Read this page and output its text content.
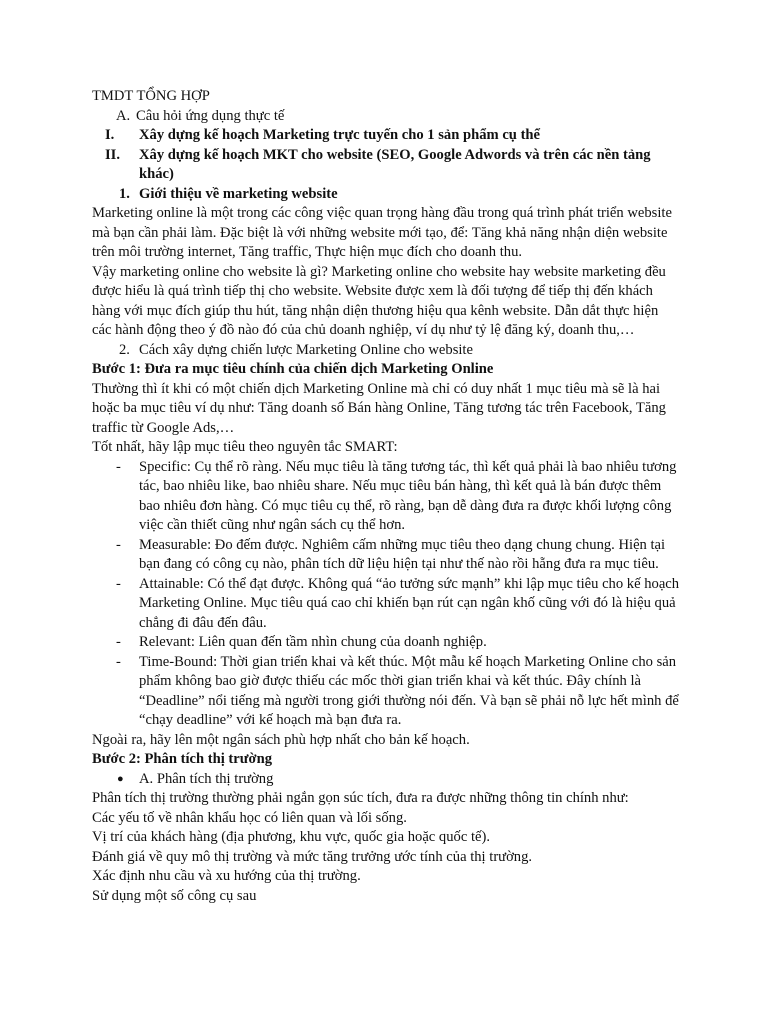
TMDT TỔNG HỢP

A. Câu hỏi ứng dụng thực tế
I. Xây dựng kế hoạch Marketing trực tuyến cho 1 sản phẩm cụ thể
II. Xây dựng kế hoạch MKT cho website (SEO, Google Adwords và trên các nền tảng khác)
1. Giới thiệu về marketing website

Marketing online là một trong các công việc quan trọng hàng đầu trong quá trình phát triển website mà bạn cần phải làm. Đặc biệt là với những website mới tạo, để: Tăng khả năng nhận diện website trên môi trường internet, Tăng traffic, Thực hiện mục đích cho doanh thu.

Vậy marketing online cho website là gì? Marketing online cho website hay website marketing đều được hiểu là quá trình tiếp thị cho website. Website được xem là đối tượng để tiếp thị đến khách hàng với mục đích giúp thu hút, tăng nhận diện thương hiệu qua kênh website. Dẫn dắt thực hiện các hành động theo ý đồ nào đó của chủ doanh nghiệp, ví dụ như tỷ lệ đăng ký, doanh thu,…

2. Cách xây dựng chiến lược Marketing Online cho website

Bước 1: Đưa ra mục tiêu chính của chiến dịch Marketing Online

Thường thì ít khi có một chiến dịch Marketing Online mà chỉ có duy nhất 1 mục tiêu mà sẽ là hai hoặc ba mục tiêu ví dụ như: Tăng doanh số Bán hàng Online, Tăng tương tác trên Facebook, Tăng traffic từ Google Ads,…

Tốt nhất, hãy lập mục tiêu theo nguyên tắc SMART:

- Specific: Cụ thể rõ ràng. Nếu mục tiêu là tăng tương tác, thì kết quả phải là bao nhiêu tương tác, bao nhiêu like, bao nhiêu share. Nếu mục tiêu bán hàng, thì kết quả là bán được thêm bao nhiêu đơn hàng. Có mục tiêu cụ thể, rõ ràng, bạn dễ dàng đưa ra được khối lượng công việc cần thiết cũng như ngân sách cụ thể hơn.
- Measurable: Đo đếm được. Nghiêm cấm những mục tiêu theo dạng chung chung. Hiện tại bạn đang có công cụ nào, phân tích dữ liệu hiện tại như thế nào rồi hẵng đưa ra mục tiêu.
- Attainable: Có thể đạt được. Không quá “ảo tưởng sức mạnh” khi lập mục tiêu cho kế hoạch Marketing Online. Mục tiêu quá cao chỉ khiến bạn rút cạn ngân khố cũng với đó là hiệu quả chẳng đi đâu đến đâu.
- Relevant: Liên quan đến tầm nhìn chung của doanh nghiệp.
- Time-Bound: Thời gian triển khai và kết thúc. Một mẫu kế hoạch Marketing Online cho sản phẩm không bao giờ được thiếu các mốc thời gian triển khai và kết thúc. Đây chính là “Deadline” nổi tiếng mà người trong giới thường nói đến. Và bạn sẽ phải nỗ lực hết mình để “chạy deadline” với kế hoạch mà bạn đưa ra.

Ngoài ra, hãy lên một ngân sách phù hợp nhất cho bản kế hoạch.

Bước 2: Phân tích thị trường

● A. Phân tích thị trường

Phân tích thị trường thường phải ngắn gọn súc tích, đưa ra được những thông tin chính như:

Các yếu tố về nhân khẩu học có liên quan và lối sống.

Vị trí của khách hàng (địa phương, khu vực, quốc gia hoặc quốc tế).

Đánh giá về quy mô thị trường và mức tăng trưởng ước tính của thị trường.

Xác định nhu cầu và xu hướng của thị trường.

Sử dụng một số công cụ sau
